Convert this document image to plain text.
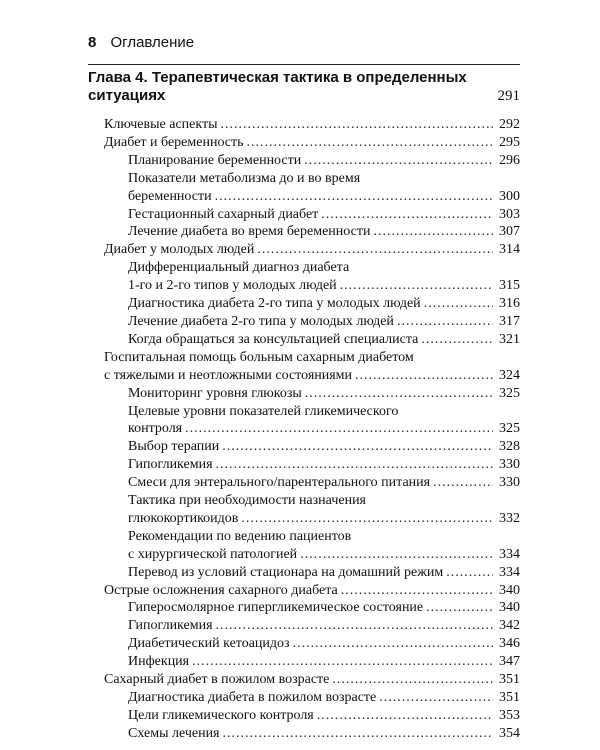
8 Оглавление
Глава 4. Терапевтическая тактика в определенных
ситуациях	291
Ключевые аспекты .....	292
Диабет и беременность .....	295
Планирование беременности .....	296
Показатели метаболизма до и во время
беременности .....	300
Гестационный сахарный диабет .....	303
Лечение диабета во время беременности .....	307
Диабет у молодых людей .....	314
Дифференциальный диагноз диабета
1-го и 2-го типов у молодых людей .....	315
Диагностика диабета 2-го типа у молодых людей .....	316
Лечение диабета 2-го типа у молодых людей .....	317
Когда обращаться за консультацией специалиста .....	321
Госпитальная помощь больным сахарным диабетом
с тяжелыми и неотложными состояниями .....	324
Мониторинг уровня глюкозы .....	325
Целевые уровни показателей гликемического
контроля .....	325
Выбор терапии .....	328
Гипогликемия .....	330
Смеси для энтерального/парентерального питания .....	330
Тактика при необходимости назначения
глюкокортикоидов .....	332
Рекомендации по ведению пациентов
с хирургической патологией .....	334
Перевод из условий стационара на домашний режим .....	334
Острые осложнения сахарного диабета .....	340
Гиперосмолярное гипергликемическое состояние .....	340
Гипогликемия .....	342
Диабетический кетоацидоз .....	346
Инфекция .....	347
Сахарный диабет в пожилом возрасте .....	351
Диагностика диабета в пожилом возрасте .....	351
Цели гликемического контроля .....	353
Схемы лечения .....	354
